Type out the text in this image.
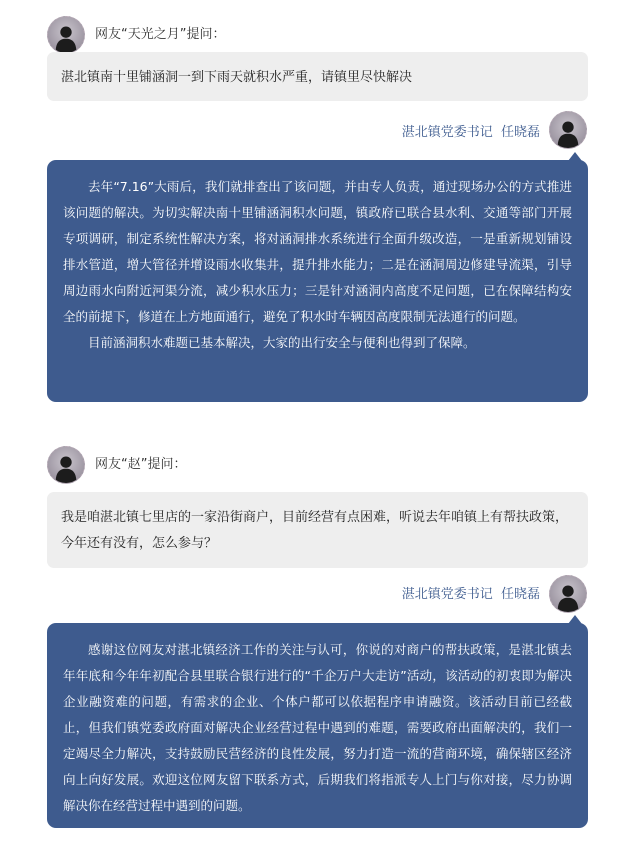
网友“天光之月”提问：
湛北镇南十里铺涵洞一到下雨天就积水严重，请镇里尽快解决
湛北镇党委书记  任晓磊

去年“7.16”大雨后，我们就排查出了该问题，并由专人负责，通过现场办公的方式推进该问题的解决。为切实解决南十里铺涵洞积水问题，镇政府已联合县水利、交通等部门开展专项调研，制定系统性解决方案，将对涵洞排水系统进行全面升级改造，一是重新规划铺设排水管道，增大管径并增设雨水收集井，提升排水能力；二是在涵洞周边修建导流渠，引导周边雨水向附近河渠分流，减少积水压力；三是针对涵洞内高度不足问题，已在保障结构安全的前提下，修道在上方地面通行，避免了积水时车辆因高度限制无法通行的问题。

目前涵洞积水难题已基本解决，大家的出行安全与便利也得到了保障。

网友“赵”提问：
我是咱湛北镇七里店的一家沿街商户，目前经营有点困难，听说去年咱镇上有帮扶政策，今年还有没有，怎么参与？
湛北镇党委书记  任晓磊

感谢这位网友对湛北镇经济工作的关注与认可，你说的对商户的帮扶政策，是湛北镇去年年底和今年年初配合县里联合银行进行的“千企万户大走访”活动，该活动的初衷即为解决企业融资难的问题，有需求的企业、个体户都可以依据程序申请融资。该活动目前已经截止，但我们镇党委政府面对解决企业经营过程中遇到的难题，需要政府出面解决的，我们一定竭尽全力解决，支持鼓励民营经济的良性发展，努力打造一流的营商环境，确保辖区经济向上向好发展。欢迎这位网友留下联系方式，后期我们将指派专人上门与你对接，尽力协调解决你在经营过程中遇到的问题。
